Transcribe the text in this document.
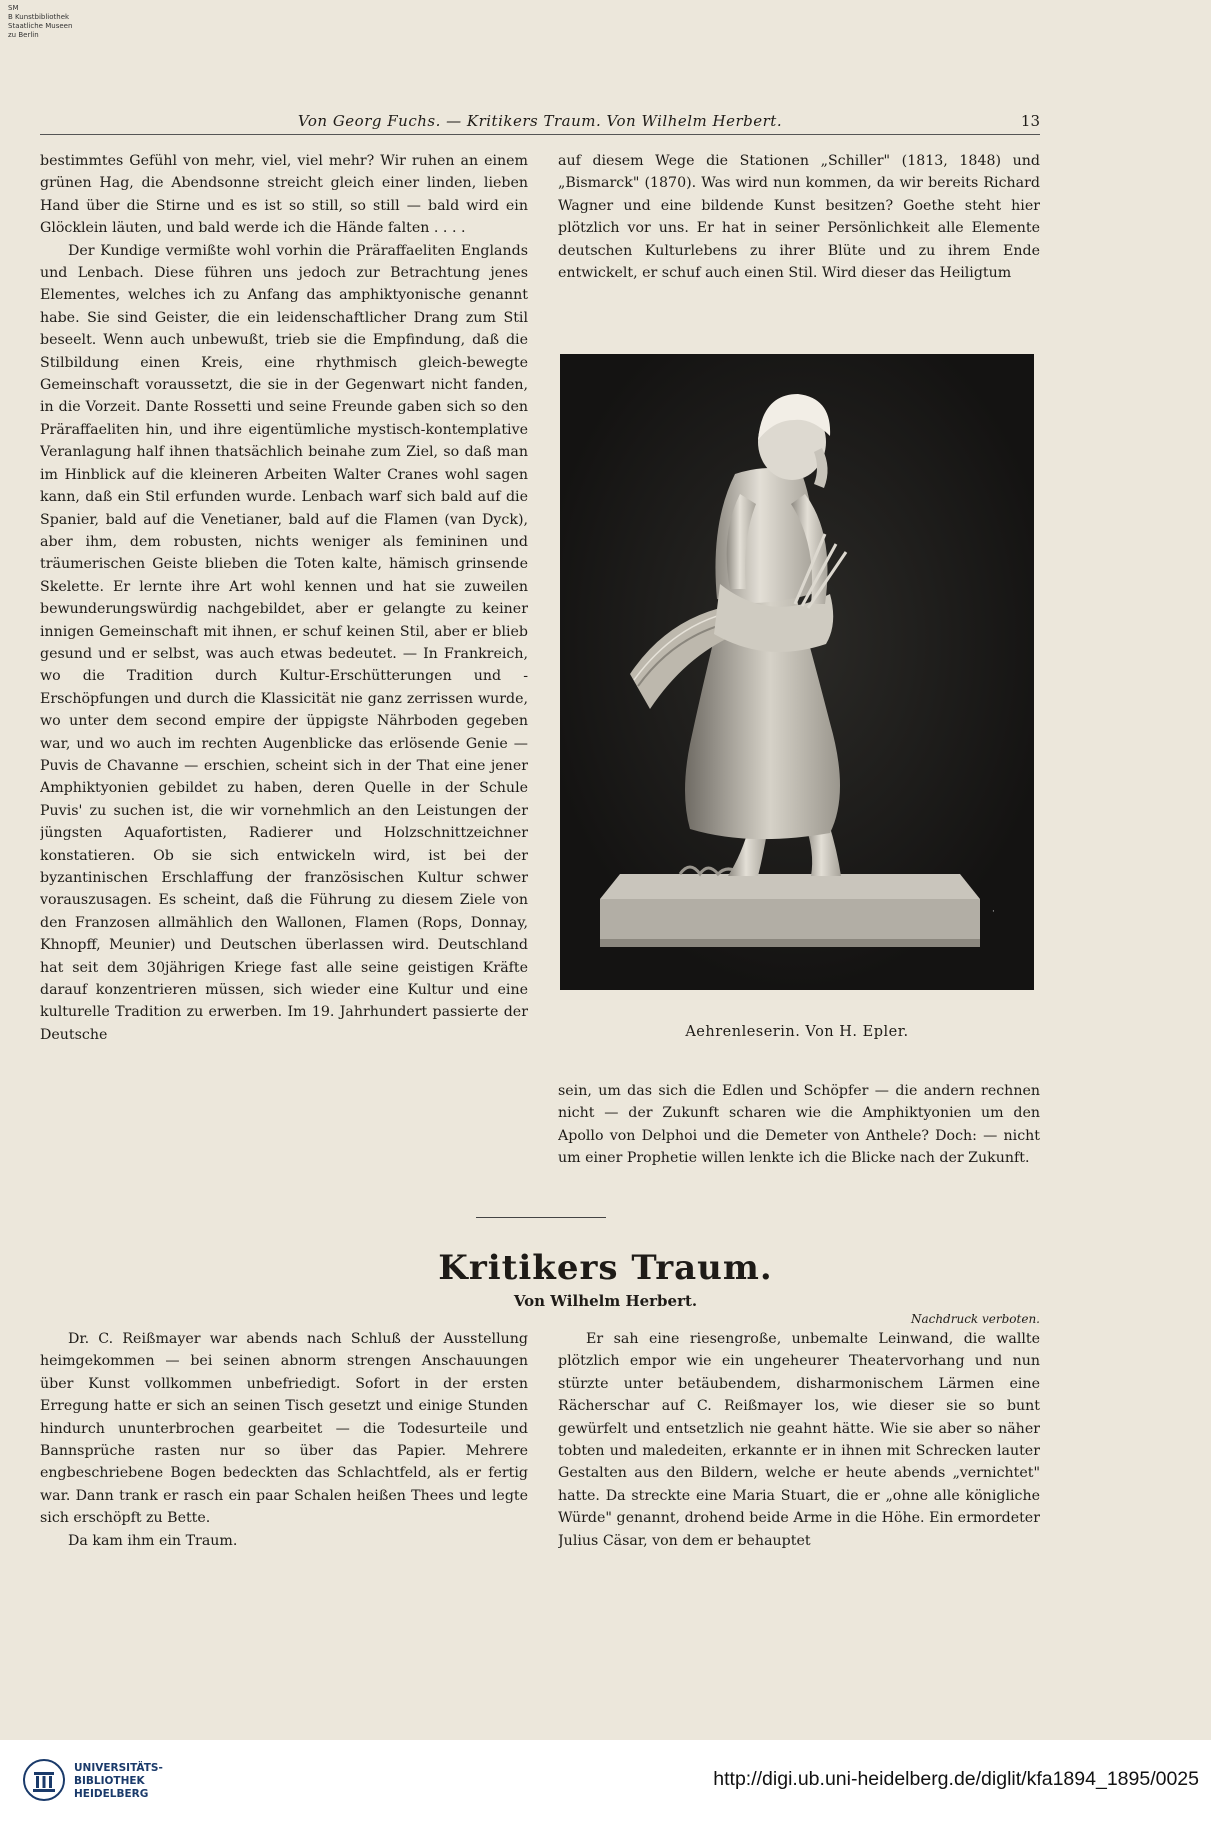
SM
B Kunstbibliothek
Staatliche Museen
zu Berlin
Von Georg Fuchs. — Kritikers Traum. Von Wilhelm Herbert.	13

bestimmtes Gefühl von mehr, viel, viel mehr? Wir ruhen an einem grünen Hag, die Abendsonne streicht gleich einer linden, lieben Hand über die Stirne und es ist so still, so still — bald wird ein Glöcklein läuten, und bald werde ich die Hände falten . . . .

Der Kundige vermißte wohl vorhin die Präraffaeliten Englands und Lenbach. Diese führen uns jedoch zur Betrachtung jenes Elementes, welches ich zu Anfang das amphiktyonische genannt habe. Sie sind Geister, die ein leidenschaftlicher Drang zum Stil beseelt. Wenn auch unbewußt, trieb sie die Empfindung, daß die Stilbildung einen Kreis, eine rhythmisch gleich-bewegte Gemeinschaft voraussetzt, die sie in der Gegenwart nicht fanden, in die Vorzeit. Dante Rossetti und seine Freunde gaben sich so den Präraffaeliten hin, und ihre eigentümliche mystisch-kontemplative Veranlagung half ihnen thatsächlich beinahe zum Ziel, so daß man im Hinblick auf die kleineren Arbeiten Walter Cranes wohl sagen kann, daß ein Stil erfunden wurde. Lenbach warf sich bald auf die Spanier, bald auf die Venetianer, bald auf die Flamen (van Dyck), aber ihm, dem robusten, nichts weniger als femininen und träumerischen Geiste blieben die Toten kalte, hämisch grinsende Skelette. Er lernte ihre Art wohl kennen und hat sie zuweilen bewunderungswürdig nachgebildet, aber er gelangte zu keiner innigen Gemeinschaft mit ihnen, er schuf keinen Stil, aber er blieb gesund und er selbst, was auch etwas bedeutet. — In Frankreich, wo die Tradition durch Kultur-Erschütterungen und -Erschöpfungen und durch die Klassicität nie ganz zerrissen wurde, wo unter dem second empire der üppigste Nährboden gegeben war, und wo auch im rechten Augenblicke das erlösende Genie — Puvis de Chavanne — erschien, scheint sich in der That eine jener Amphiktyonien gebildet zu haben, deren Quelle in der Schule Puvis' zu suchen ist, die wir vornehmlich an den Leistungen der jüngsten Aquafortisten, Radierer und Holzschnittzeichner konstatieren. Ob sie sich entwickeln wird, ist bei der byzantinischen Erschlaffung der französischen Kultur schwer vorauszusagen. Es scheint, daß die Führung zu diesem Ziele von den Franzosen allmählich den Wallonen, Flamen (Rops, Donnay, Khnopff, Meunier) und Deutschen überlassen wird. Deutschland hat seit dem 30jährigen Kriege fast alle seine geistigen Kräfte darauf konzentrieren müssen, sich wieder eine Kultur und eine kulturelle Tradition zu erwerben. Im 19. Jahrhundert passierte der Deutsche

auf diesem Wege die Stationen „Schiller" (1813, 1848) und „Bismarck" (1870). Was wird nun kommen, da wir bereits Richard Wagner und eine bildende Kunst besitzen? Goethe steht hier plötzlich vor uns. Er hat in seiner Persönlichkeit alle Elemente deutschen Kulturlebens zu ihrer Blüte und zu ihrem Ende entwickelt, er schuf auch einen Stil. Wird dieser das Heiligtum

·
Aehrenleserin. Von H. Epler.

sein, um das sich die Edlen und Schöpfer — die andern rechnen nicht — der Zukunft scharen wie die Amphiktyonien um den Apollo von Delphoi und die Demeter von Anthele? Doch: — nicht um einer Prophetie willen lenkte ich die Blicke nach der Zukunft.

Kritikers Traum.
Von Wilhelm Herbert.
Nachdruck verboten.

Dr. C. Reißmayer war abends nach Schluß der Ausstellung heimgekommen — bei seinen abnorm strengen Anschauungen über Kunst vollkommen unbefriedigt. Sofort in der ersten Erregung hatte er sich an seinen Tisch gesetzt und einige Stunden hindurch ununterbrochen gearbeitet — die Todesurteile und Bannsprüche rasten nur so über das Papier. Mehrere engbeschriebene Bogen bedeckten das Schlachtfeld, als er fertig war. Dann trank er rasch ein paar Schalen heißen Thees und legte sich erschöpft zu Bette.

Da kam ihm ein Traum.

Er sah eine riesengroße, unbemalte Leinwand, die wallte plötzlich empor wie ein ungeheurer Theatervorhang und nun stürzte unter betäubendem, disharmonischem Lärmen eine Rächerschar auf C. Reißmayer los, wie dieser sie so bunt gewürfelt und entsetzlich nie geahnt hätte. Wie sie aber so näher tobten und maledeiten, erkannte er in ihnen mit Schrecken lauter Gestalten aus den Bildern, welche er heute abends „vernichtet" hatte. Da streckte eine Maria Stuart, die er „ohne alle königliche Würde" genannt, drohend beide Arme in die Höhe. Ein ermordeter Julius Cäsar, von dem er behauptet

UNIVERSITÄTS-
BIBLIOTHEK
HEIDELBERG
http://digi.ub.uni-heidelberg.de/diglit/kfa1894_1895/0025
